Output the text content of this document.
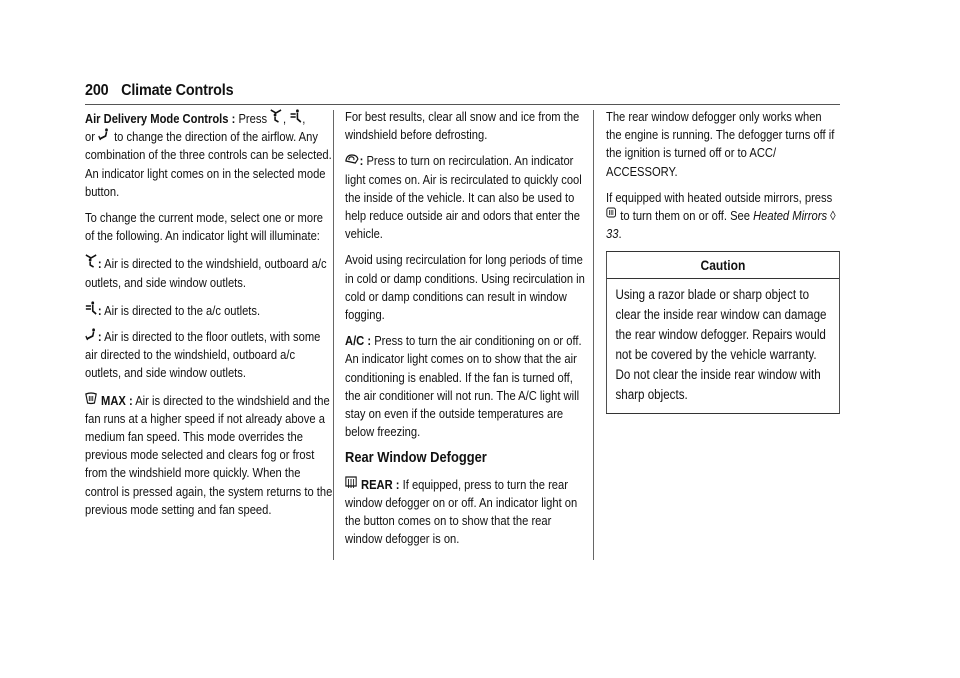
200 Climate Controls

Air Delivery Mode Controls : Press , ,
or to change the direction of the airflow. Any combination of the three controls can be selected. An indicator light comes on in the selected mode button.

To change the current mode, select one or more of the following. An indicator light will illuminate:

: Air is directed to the windshield, outboard a/c outlets, and side window outlets.

: Air is directed to the a/c outlets.

: Air is directed to the floor outlets, with some air directed to the windshield, outboard a/c outlets, and side window outlets.

MAX : Air is directed to the windshield and the fan runs at a higher speed if not already above a medium fan speed. This mode overrides the previous mode selected and clears fog or frost from the windshield more quickly. When the control is pressed again, the system returns to the previous mode setting and fan speed.

For best results, clear all snow and ice from the windshield before defrosting.

: Press to turn on recirculation. An indicator light comes on. Air is recirculated to quickly cool the inside of the vehicle. It can also be used to help reduce outside air and odors that enter the vehicle.

Avoid using recirculation for long periods of time in cold or damp conditions. Using recirculation in cold or damp conditions can result in window fogging.

A/C : Press to turn the air conditioning on or off. An indicator light comes on to show that the air conditioning is enabled. If the fan is turned off, the air conditioner will not run. The A/C light will stay on even if the outside temperatures are below freezing.

Rear Window Defogger

REAR : If equipped, press to turn the rear window defogger on or off. An indicator light on the button comes on to show that the rear window defogger is on.

The rear window defogger only works when the engine is running. The defogger turns off if the ignition is turned off or to ACC/ ACCESSORY.

If equipped with heated outside mirrors, press  to turn them on or off. See Heated Mirrors ◊ 33.

Caution
Using a razor blade or sharp object to clear the inside rear window can damage the rear window defogger. Repairs would not be covered by the vehicle warranty. Do not clear the inside rear window with sharp objects.
